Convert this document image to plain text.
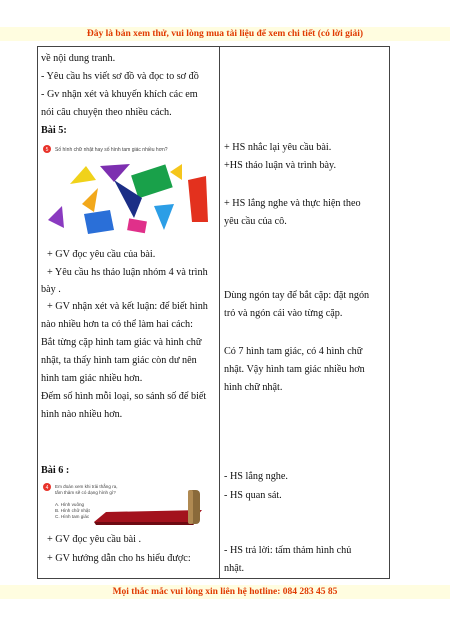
Đây là bản xem thử, vui lòng mua tài liệu để xem chi tiết (có lời giải)
về nội dung tranh.
- Yêu cầu hs viết sơ đồ và đọc to sơ đồ
- Gv nhận xét và khuyến khích các em
nói câu chuyện theo nhiều cách.
Bài 5:
5 Số hình chữ nhật hay số hình tam giác nhiều hơn?
+ GV đọc yêu cầu của bài.
+ Yêu cầu hs thảo luận nhóm 4 và trình
bày .
+ GV nhận xét và kết luận: để biết hình
nào nhiều hơn ta có thể làm hai cách:
Bắt từng cặp hình tam giác và hình chữ
nhật, ta thấy hình tam giác còn dư nên
hình tam giác nhiều hơn.
Đếm số hình mỗi loại, so sánh số để biết
hình nào nhiều hơn.
Bài 6 :
4 Em đoán xem khi trải thẳng ra,
tấm thảm sẽ có dạng hình gì?
A. Hình vuông
B. Hình chữ nhật
C. Hình tam giác
+ GV đọc yêu cầu bài .
+ GV hướng dẫn cho hs hiểu được:
+ HS nhắc lại yêu cầu bài.
+HS thảo luận và trình bày.
+ HS lắng nghe và thực hiện theo
yêu cầu của cô.
Dùng ngón tay để bắt cặp: đặt ngón
trỏ và ngón cái vào từng cặp.
Có 7 hình tam giác, có 4 hình chữ
nhật. Vậy hình tam giác nhiều hơn
hình chữ nhật.
- HS lắng nghe.
- HS quan sát.
- HS trả lời: tấm thảm hình chủ
nhật.
Mọi thắc mắc vui lòng xin liên hệ hotline: 084 283 45 85
